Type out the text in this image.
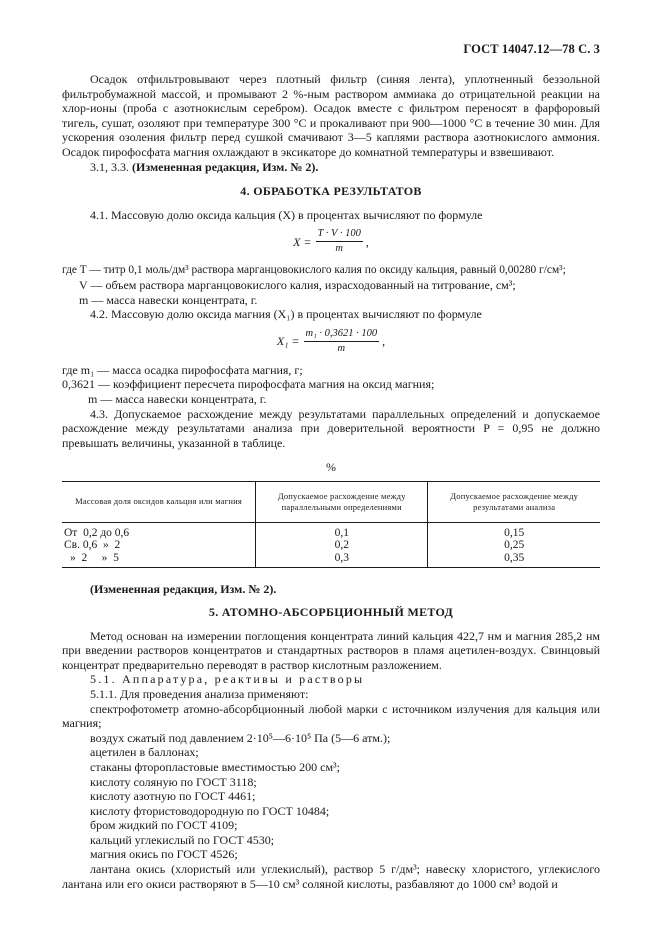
ГОСТ 14047.12—78 С. 3

Осадок отфильтровывают через плотный фильтр (синяя лента), уплотненный беззольной фильтробумажной массой, и промывают 2 %-ным раствором аммиака до отрицательной реакции на хлор-ионы (проба с азотнокислым серебром). Осадок вместе с фильтром переносят в фарфоровый тигель, сушат, озоляют при температуре 300 °С и прокаливают при 900—1000 °С в течение 30 мин. Для ускорения озоления фильтр перед сушкой смачивают 3—5 каплями раствора азотнокислого аммония. Осадок пирофосфата магния охлаждают в эксикаторе до комнатной температуры и взвешивают.

3.1, 3.3. (Измененная редакция, Изм. № 2).

4. ОБРАБОТКА РЕЗУЛЬТАТОВ

4.1. Массовую долю оксида кальция (X) в процентах вычисляют по формуле

$X = \frac{T \cdot V \cdot 100}{m}$ ,

где T — титр 0,1 моль/дм³ раствора марганцовокислого калия по оксиду кальция, равный 0,00280 г/см³;

V — объем раствора марганцовокислого калия, израсходованный на титрование, см³;

m — масса навески концентрата, г.

4.2. Массовую долю оксида магния (X₁) в процентах вычисляют по формуле

$X_1 = \frac{\text{m₁ · 0,3621 · 100}}{m}$ ,

где m₁ — масса осадка пирофосфата магния, г;

0,3621 — коэффициент пересчета пирофосфата магния на оксид магния;

m — масса навески концентрата, г.

4.3. Допускаемое расхождение между результатами параллельных определений и допускаемое расхождение между результатами анализа при доверительной вероятности P = 0,95 не должно превышать величины, указанной в таблице.

%
Массовая доля оксидов кальция или магния	Допускаемое расхождение между параллельными определениями	Допускаемое расхождение между результатами анализа
От  0,2 до 0,6	0,1	0,15
Св. 0,6  »  2	0,2	0,25
»  2     »  5	0,3	0,35

(Измененная редакция, Изм. № 2).

5. АТОМНО-АБСОРБЦИОННЫЙ МЕТОД

Метод основан на измерении поглощения концентрата линий кальция 422,7 нм и магния 285,2 нм при введении растворов концентратов и стандартных растворов в пламя ацетилен-воздух. Свинцовый концентрат предварительно переводят в раствор кислотным разложением.

5.1. Аппаратура, реактивы и растворы

5.1.1. Для проведения анализа применяют:

спектрофотометр атомно-абсорбционный любой марки с источником излучения для кальция или магния;

воздух сжатый под давлением 2·10⁵—6·10⁵ Па (5—6 атм.);

ацетилен в баллонах;

стаканы фторопластовые вместимостью 200 см³;

кислоту соляную по ГОСТ 3118;

кислоту азотную по ГОСТ 4461;

кислоту фтористоводородную по ГОСТ 10484;

бром жидкий по ГОСТ 4109;

кальций углекислый по ГОСТ 4530;

магния окись по ГОСТ 4526;

лантана окись (хлористый или углекислый), раствор 5 г/дм³; навеску хлористого, углекислого лантана или его окиси растворяют в 5—10 см³ соляной кислоты, разбавляют до 1000 см³ водой и
